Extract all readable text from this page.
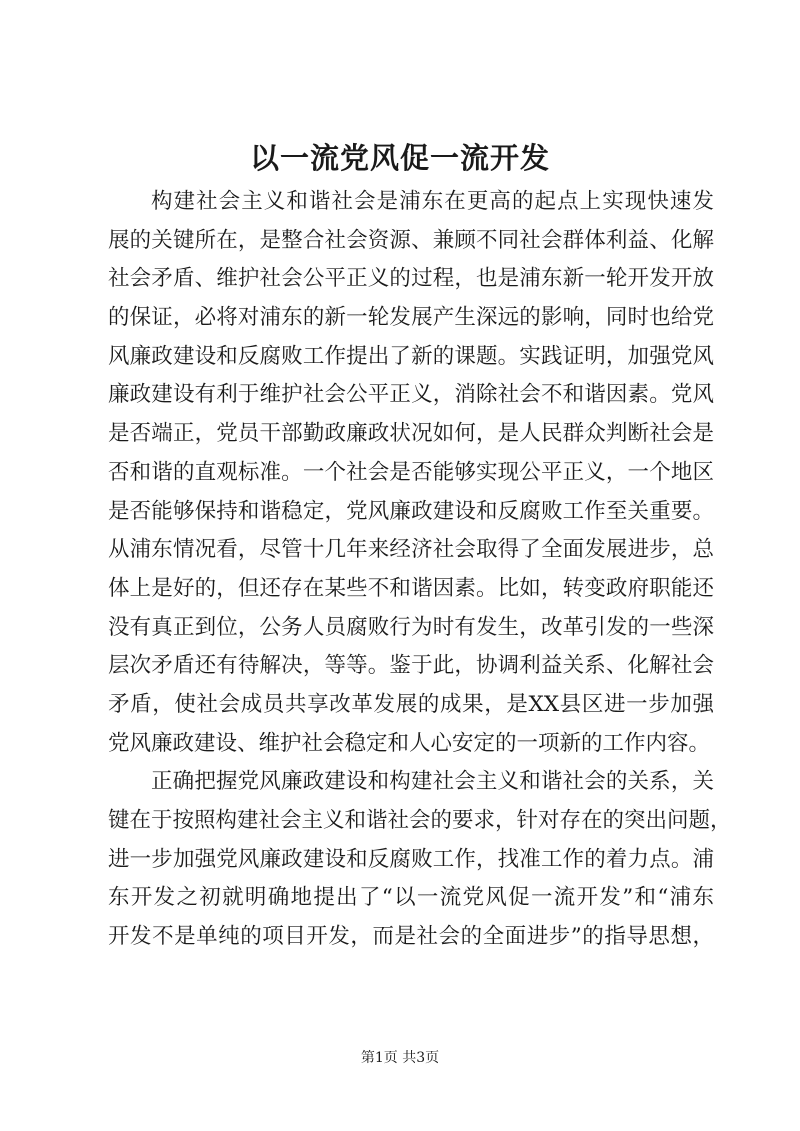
以一流党风促一流开发
构建社会主义和谐社会是浦东在更高的起点上实现快速发
展的关键所在，是整合社会资源、兼顾不同社会群体利益、化解
社会矛盾、维护社会公平正义的过程，也是浦东新一轮开发开放
的保证，必将对浦东的新一轮发展产生深远的影响，同时也给党
风廉政建设和反腐败工作提出了新的课题。实践证明，加强党风
廉政建设有利于维护社会公平正义，消除社会不和谐因素。党风
是否端正，党员干部勤政廉政状况如何，是人民群众判断社会是
否和谐的直观标准。一个社会是否能够实现公平正义，一个地区
是否能够保持和谐稳定，党风廉政建设和反腐败工作至关重要。
从浦东情况看，尽管十几年来经济社会取得了全面发展进步，总
体上是好的，但还存在某些不和谐因素。比如，转变政府职能还
没有真正到位，公务人员腐败行为时有发生，改革引发的一些深
层次矛盾还有待解决，等等。鉴于此，协调利益关系、化解社会
矛盾，使社会成员共享改革发展的成果，是XX县区进一步加强
党风廉政建设、维护社会稳定和人心安定的一项新的工作内容。
正确把握党风廉政建设和构建社会主义和谐社会的关系，关
键在于按照构建社会主义和谐社会的要求，针对存在的突出问题，
进一步加强党风廉政建设和反腐败工作，找准工作的着力点。浦
东开发之初就明确地提出了“以一流党风促一流开发”和“浦东
开发不是单纯的项目开发，而是社会的全面进步”的指导思想，
第1页 共3页
